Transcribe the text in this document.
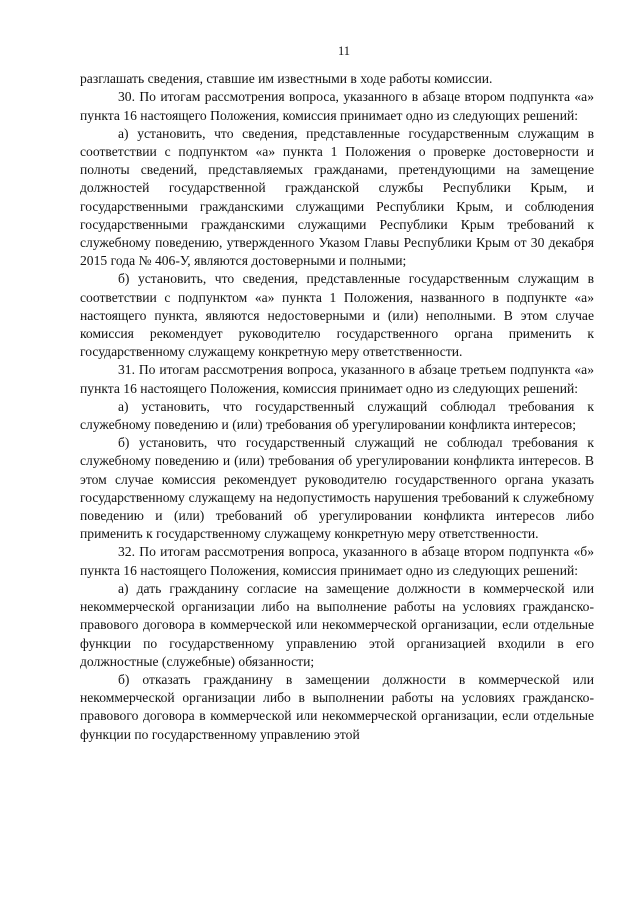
11

разглашать сведения, ставшие им известными в ходе работы комиссии.

30. По итогам рассмотрения вопроса, указанного в абзаце втором подпункта «а» пункта 16 настоящего Положения, комиссия принимает одно из следующих решений:

а) установить, что сведения, представленные государственным служащим в соответствии с подпунктом «а» пункта 1 Положения о проверке достоверности и полноты сведений, представляемых гражданами, претендующими на замещение должностей государственной гражданской службы Республики Крым, и государственными гражданскими служащими Республики Крым, и соблюдения государственными гражданскими служащими Республики Крым требований к служебному поведению, утвержденного Указом Главы Республики Крым от 30 декабря 2015 года № 406-У, являются достоверными и полными;

б) установить, что сведения, представленные государственным служащим в соответствии с подпунктом «а» пункта 1 Положения, названного в подпункте «а» настоящего пункта, являются недостоверными и (или) неполными. В этом случае комиссия рекомендует руководителю государственного органа применить к государственному служащему конкретную меру ответственности.

31. По итогам рассмотрения вопроса, указанного в абзаце третьем подпункта «а» пункта 16 настоящего Положения, комиссия принимает одно из следующих решений:

а) установить, что государственный служащий соблюдал требования к служебному поведению и (или) требования об урегулировании конфликта интересов;

б) установить, что государственный служащий не соблюдал требования к служебному поведению и (или) требования об урегулировании конфликта интересов. В этом случае комиссия рекомендует руководителю государственного органа указать государственному служащему на недопустимость нарушения требований к служебному поведению и (или) требований об урегулировании конфликта интересов либо применить к государственному служащему конкретную меру ответственности.

32. По итогам рассмотрения вопроса, указанного в абзаце втором подпункта «б» пункта 16 настоящего Положения, комиссия принимает одно из следующих решений:

а) дать гражданину согласие на замещение должности в коммерческой или некоммерческой организации либо на выполнение работы на условиях гражданско-правового договора в коммерческой или некоммерческой организации, если отдельные функции по государственному управлению этой организацией входили в его должностные (служебные) обязанности;

б) отказать гражданину в замещении должности в коммерческой или некоммерческой организации либо в выполнении работы на условиях гражданско-правового договора в коммерческой или некоммерческой организации, если отдельные функции по государственному управлению этой
